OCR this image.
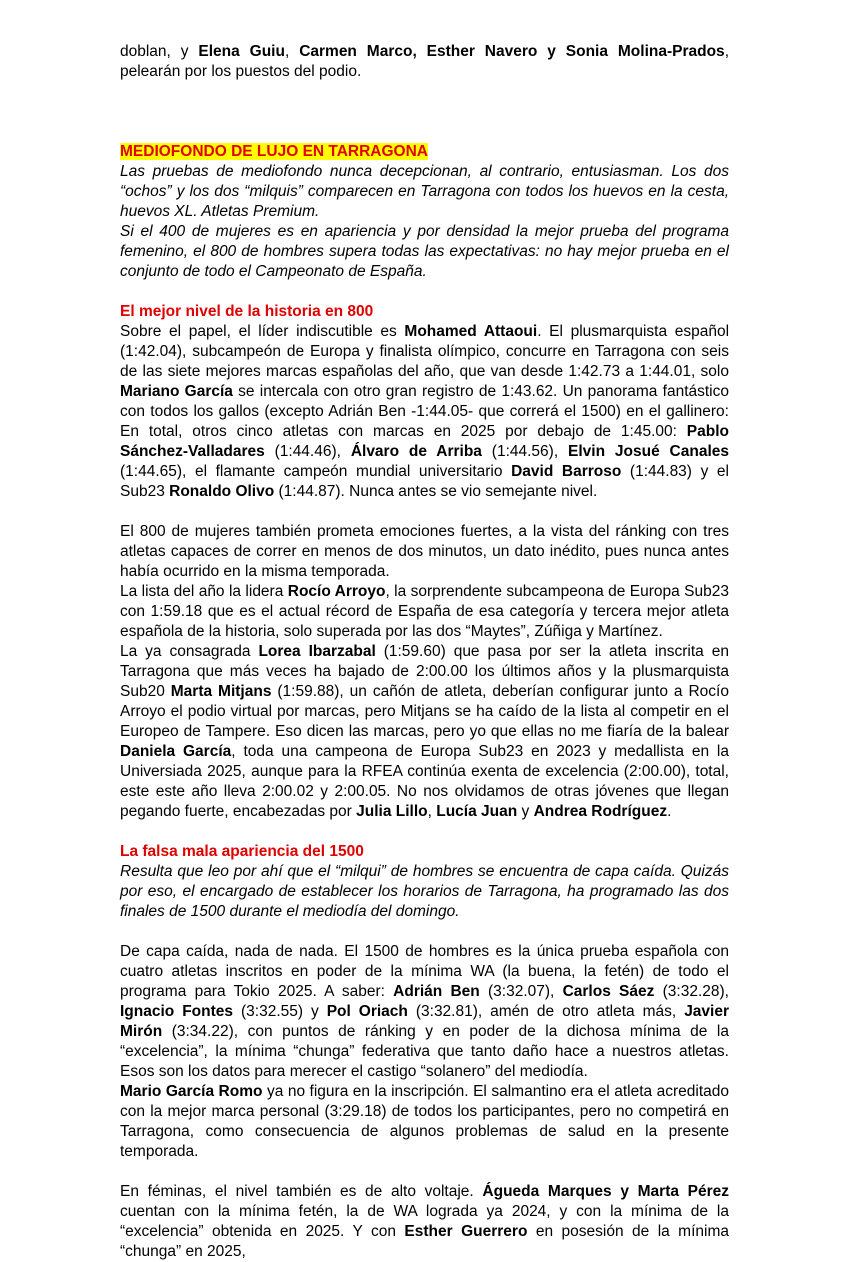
doblan, y Elena Guiu, Carmen Marco, Esther Navero y Sonia Molina-Prados, pelearán por los puestos del podio.

MEDIOFONDO DE LUJO EN TARRAGONA

Las pruebas de mediofondo nunca decepcionan, al contrario, entusiasman. Los dos “ochos” y los dos “milquis” comparecen en Tarragona con todos los huevos en la cesta, huevos XL. Atletas Premium.

Si el 400 de mujeres es en apariencia y por densidad la mejor prueba del programa femenino, el 800 de hombres supera todas las expectativas: no hay mejor prueba en el conjunto de todo el Campeonato de España.

El mejor nivel de la historia en 800

Sobre el papel, el líder indiscutible es Mohamed Attaoui. El plusmarquista español (1:42.04), subcampeón de Europa y finalista olímpico, concurre en Tarragona con seis de las siete mejores marcas españolas del año, que van desde 1:42.73 a 1:44.01, solo Mariano García se intercala con otro gran registro de 1:43.62. Un panorama fantástico con todos los gallos (excepto Adrián Ben -1:44.05- que correrá el 1500) en el gallinero: En total, otros cinco atletas con marcas en 2025 por debajo de 1:45.00: Pablo Sánchez-Valladares (1:44.46), Álvaro de Arriba (1:44.56), Elvin Josué Canales (1:44.65), el flamante campeón mundial universitario David Barroso (1:44.83) y el Sub23 Ronaldo Olivo (1:44.87). Nunca antes se vio semejante nivel.

El 800 de mujeres también prometa emociones fuertes, a la vista del ránking con tres atletas capaces de correr en menos de dos minutos, un dato inédito, pues nunca antes había ocurrido en la misma temporada.

La lista del año la lidera Rocío Arroyo, la sorprendente subcampeona de Europa Sub23 con 1:59.18 que es el actual récord de España de esa categoría y tercera mejor atleta española de la historia, solo superada por las dos “Maytes”, Zúñiga y Martínez.

La ya consagrada Lorea Ibarzabal (1:59.60) que pasa por ser la atleta inscrita en Tarragona que más veces ha bajado de 2:00.00 los últimos años y la plusmarquista Sub20 Marta Mitjans (1:59.88), un cañón de atleta, deberían configurar junto a Rocío Arroyo el podio virtual por marcas, pero Mitjans se ha caído de la lista al competir en el Europeo de Tampere. Eso dicen las marcas, pero yo que ellas no me fiaría de la balear Daniela García, toda una campeona de Europa Sub23 en 2023 y medallista en la Universiada 2025, aunque para la RFEA continúa exenta de excelencia (2:00.00), total, este este año lleva 2:00.02 y 2:00.05. No nos olvidamos de otras jóvenes que llegan pegando fuerte, encabezadas por Julia Lillo, Lucía Juan y Andrea Rodríguez.

La falsa mala apariencia del 1500

Resulta que leo por ahí que el “milqui” de hombres se encuentra de capa caída. Quizás por eso, el encargado de establecer los horarios de Tarragona, ha programado las dos finales de 1500 durante el mediodía del domingo.

De capa caída, nada de nada. El 1500 de hombres es la única prueba española con cuatro atletas inscritos en poder de la mínima WA (la buena, la fetén) de todo el programa para Tokio 2025. A saber: Adrián Ben (3:32.07), Carlos Sáez (3:32.28), Ignacio Fontes (3:32.55) y Pol Oriach (3:32.81), amén de otro atleta más, Javier Mirón (3:34.22), con puntos de ránking y en poder de la dichosa mínima de la “excelencia”, la mínima “chunga” federativa que tanto daño hace a nuestros atletas. Esos son los datos para merecer el castigo “solanero” del mediodía.

Mario García Romo ya no figura en la inscripción. El salmantino era el atleta acreditado con la mejor marca personal (3:29.18) de todos los participantes, pero no competirá en Tarragona, como consecuencia de algunos problemas de salud en la presente temporada.

En féminas, el nivel también es de alto voltaje. Águeda Marques y Marta Pérez cuentan con la mínima fetén, la de WA lograda ya 2024, y con la mínima de la “excelencia” obtenida en 2025. Y con Esther Guerrero en posesión de la mínima “chunga” en 2025,
